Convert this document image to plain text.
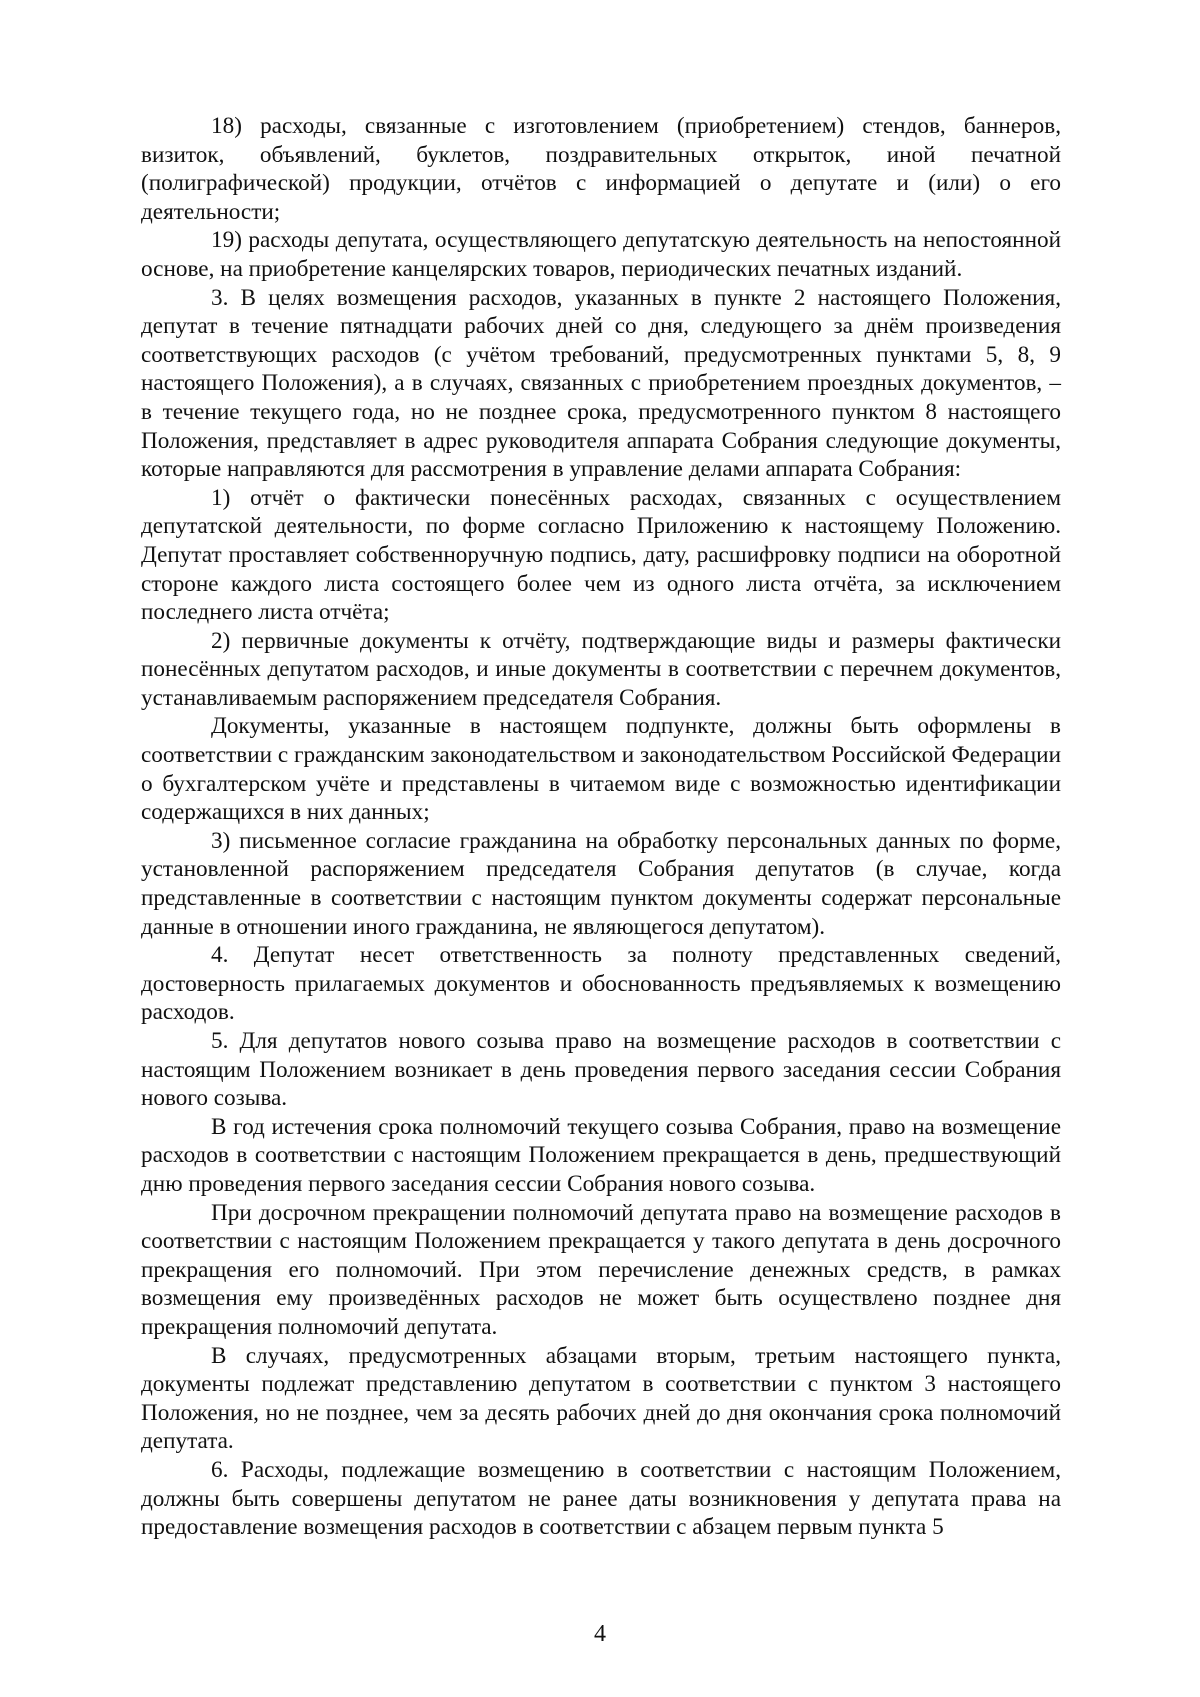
18) расходы, связанные с изготовлением (приобретением) стендов, баннеров, визиток, объявлений, буклетов, поздравительных открыток, иной печатной (полиграфической) продукции, отчётов с информацией о депутате и (или) о его деятельности;

19) расходы депутата, осуществляющего депутатскую деятельность на непостоянной основе, на приобретение канцелярских товаров, периодических печатных изданий.

3. В целях возмещения расходов, указанных в пункте 2 настоящего Положения, депутат в течение пятнадцати рабочих дней со дня, следующего за днём произведения соответствующих расходов (с учётом требований, предусмотренных пунктами 5, 8, 9 настоящего Положения), а в случаях, связанных с приобретением проездных документов, – в течение текущего года, но не позднее срока, предусмотренного пунктом 8 настоящего Положения, представляет в адрес руководителя аппарата Собрания следующие документы, которые направляются для рассмотрения в управление делами аппарата Собрания:

1) отчёт о фактически понесённых расходах, связанных с осуществлением депутатской деятельности, по форме согласно Приложению к настоящему Положению. Депутат проставляет собственноручную подпись, дату, расшифровку подписи на оборотной стороне каждого листа состоящего более чем из одного листа отчёта, за исключением последнего листа отчёта;

2) первичные документы к отчёту, подтверждающие виды и размеры фактически понесённых депутатом расходов, и иные документы в соответствии с перечнем документов, устанавливаемым распоряжением председателя Собрания.

Документы, указанные в настоящем подпункте, должны быть оформлены в соответствии с гражданским законодательством и законодательством Российской Федерации о бухгалтерском учёте и представлены в читаемом виде с возможностью идентификации содержащихся в них данных;

3) письменное согласие гражданина на обработку персональных данных по форме, установленной распоряжением председателя Собрания депутатов (в случае, когда представленные в соответствии с настоящим пунктом документы содержат персональные данные в отношении иного гражданина, не являющегося депутатом).

4. Депутат несет ответственность за полноту представленных сведений, достоверность прилагаемых документов и обоснованность предъявляемых к возмещению расходов.

5. Для депутатов нового созыва право на возмещение расходов в соответствии с настоящим Положением возникает в день проведения первого заседания сессии Собрания нового созыва.

В год истечения срока полномочий текущего созыва Собрания, право на возмещение расходов в соответствии с настоящим Положением прекращается в день, предшествующий дню проведения первого заседания сессии Собрания нового созыва.

При досрочном прекращении полномочий депутата право на возмещение расходов в соответствии с настоящим Положением прекращается у такого депутата в день досрочного прекращения его полномочий. При этом перечисление денежных средств, в рамках возмещения ему произведённых расходов не может быть осуществлено позднее дня прекращения полномочий депутата.

В случаях, предусмотренных абзацами вторым, третьим настоящего пункта, документы подлежат представлению депутатом в соответствии с пунктом 3 настоящего Положения, но не позднее, чем за десять рабочих дней до дня окончания срока полномочий депутата.

6. Расходы, подлежащие возмещению в соответствии с настоящим Положением, должны быть совершены депутатом не ранее даты возникновения у депутата права на предоставление возмещения расходов в соответствии с абзацем первым пункта 5

4
